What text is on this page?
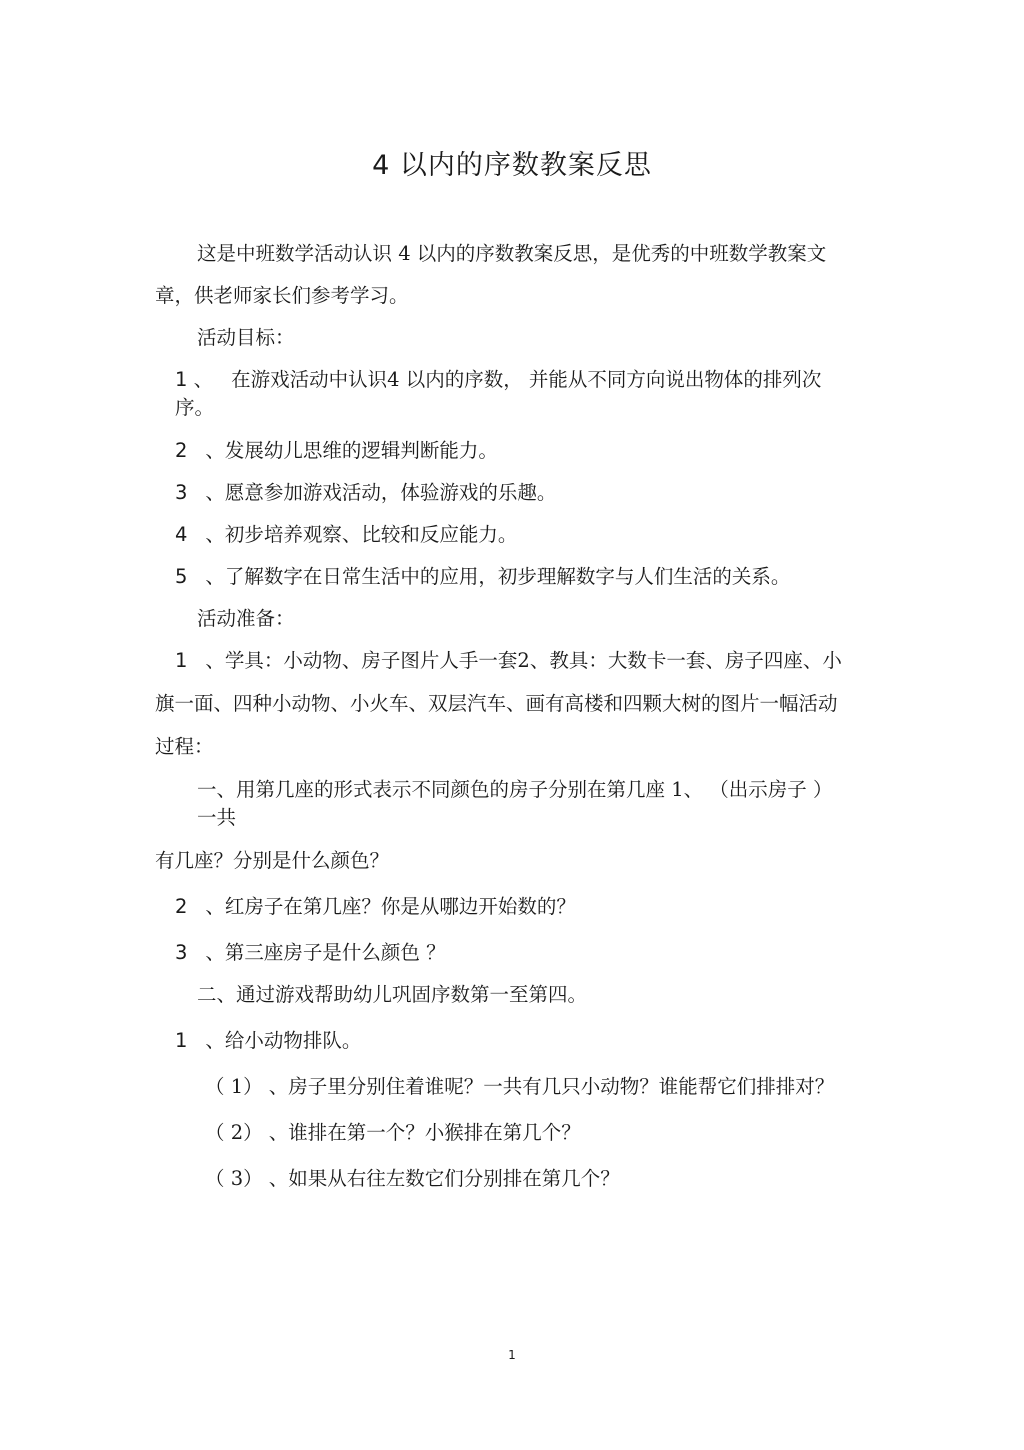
4 以内的序数教案反思

这是中班数学活动认识 4 以内的序数教案反思，是优秀的中班数学教案文

章，供老师家长们参考学习。

活动目标：

1 、 在游戏活动中认识4 以内的序数， 并能从不同方向说出物体的排列次序。

2 、发展幼儿思维的逻辑判断能力。

3 、愿意参加游戏活动，体验游戏的乐趣。

4 、初步培养观察、比较和反应能力。

5 、了解数字在日常生活中的应用，初步理解数字与人们生活的关系。

活动准备：

1 、学具：小动物、房子图片人手一套2、教具：大数卡一套、房子四座、小

旗一面、四种小动物、小火车、双层汽车、画有高楼和四颗大树的图片一幅活动

过程：

一、用第几座的形式表示不同颜色的房子分别在第几座 1、 （出示房子 ） 一共

有几座？分别是什么颜色？

2 、红房子在第几座？你是从哪边开始数的？

3 、第三座房子是什么颜色 ？

二、通过游戏帮助幼儿巩固序数第一至第四。

1 、给小动物排队。

（ 1） 、房子里分别住着谁呢？一共有几只小动物？谁能帮它们排排对？

（ 2） 、谁排在第一个？小猴排在第几个？

（ 3） 、如果从右往左数它们分别排在第几个？

1
